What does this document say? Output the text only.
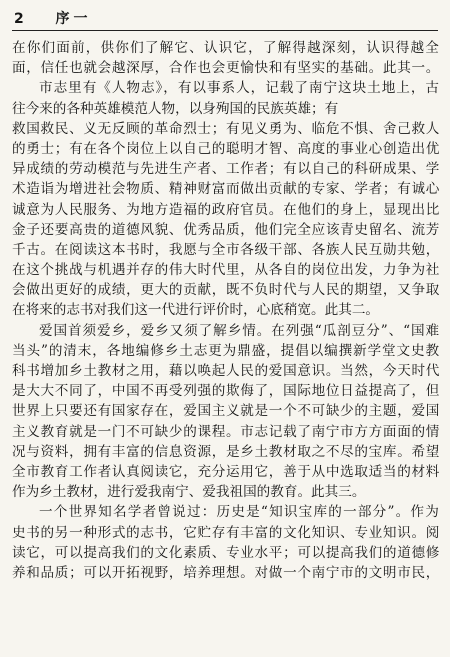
2 序一
在你们面前，供你们了解它、认识它，了解得越深刻，认识得越全
面，信任也就会越深厚，合作也会更愉快和有坚实的基础。此其一。
市志里有《人物志》，有以事系人，记载了南宁这块土地上，古
往今来的各种英雄模范人物，以身殉国的民族英雄；有
救国救民、义无反顾的革命烈士；有见义勇为、临危不惧、舍己救人
的勇士；有在各个岗位上以自己的聪明才智、高度的事业心创造出优
异成绩的劳动模范与先进生产者、工作者；有以自己的科研成果、学
术造诣为增进社会物质、精神财富而做出贡献的专家、学者；有诚心
诚意为人民服务、为地方造福的政府官员。在他们的身上，显现出比
金子还要高贵的道德风貌、优秀品质，他们完全应该青史留名、流芳
千古。在阅读这本书时，我愿与全市各级干部、各族人民互勋共勉，
在这个挑战与机遇并存的伟大时代里，从各自的岗位出发，力争为社
会做出更好的成绩，更大的贡献，既不负时代与人民的期望，又争取
在将来的志书对我们这一代进行评价时，心底稍宽。此其二。
爱国首须爱乡，爱乡又须了解乡情。在列强“瓜剖豆分”、“国难
当头”的清末，各地编修乡土志更为鼎盛，提倡以编撰新学堂文史教
科书增加乡土教材之用，藉以唤起人民的爱国意识。当然，今天时代
是大大不同了，中国不再受列强的欺侮了，国际地位日益提高了，但
世界上只要还有国家存在，爱国主义就是一个不可缺少的主题，爱国
主义教育就是一门不可缺少的课程。市志记载了南宁市方方面面的情
况与资料，拥有丰富的信息资源，是乡土教材取之不尽的宝库。希望
全市教育工作者认真阅读它，充分运用它，善于从中选取适当的材料
作为乡土教材，进行爱我南宁、爱我祖国的教育。此其三。
一个世界知名学者曾说过：历史是“知识宝库的一部分”。作为
史书的另一种形式的志书，它贮存有丰富的文化知识、专业知识。阅
读它，可以提高我们的文化素质、专业水平；可以提高我们的道德修
养和品质；可以开拓视野，培养理想。对做一个南宁市的文明市民，
